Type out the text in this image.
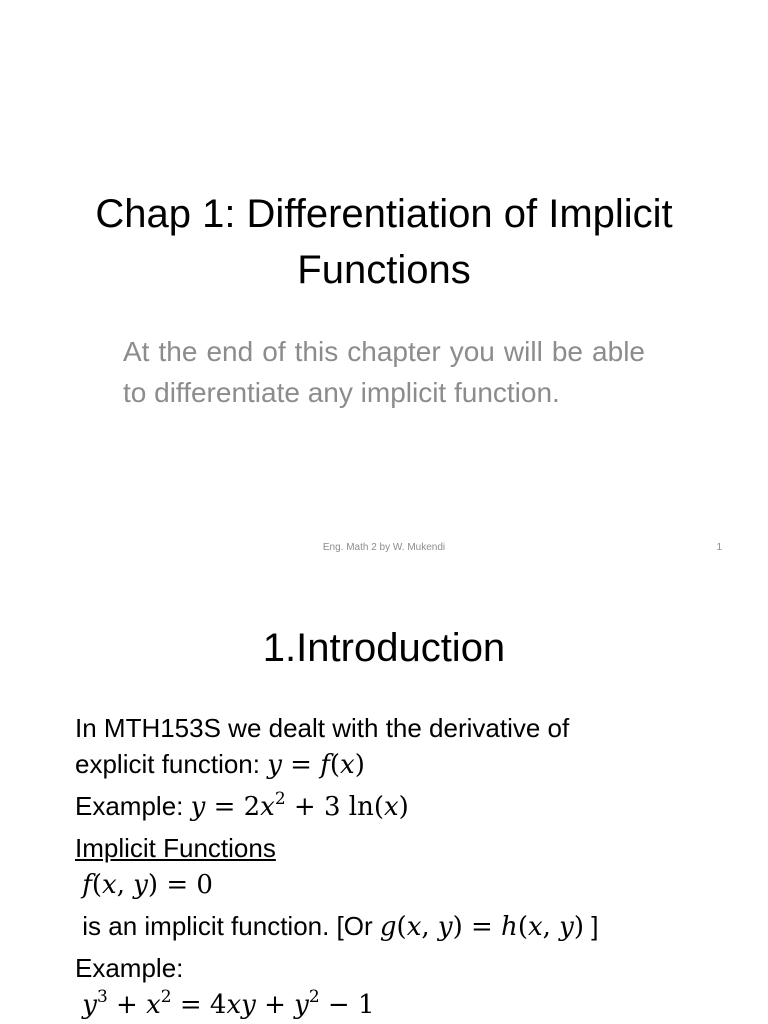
Chap 1: Differentiation of Implicit
Functions
At the end of this chapter you will be able to differentiate any implicit function.
Eng. Math 2 by W. Mukendi	1
1.Introduction
In MTH153S we dealt with the derivative of
explicit function: y = f(x)
Example: $y = 2x^2 + 3$ ln(x)
Implicit Functions
f(x, y) = 0
is an implicit function. [Or g(x, y) = h(x, y) ]
Example:
$y^3 + x^2 = 4xy + y^2 - 1$
